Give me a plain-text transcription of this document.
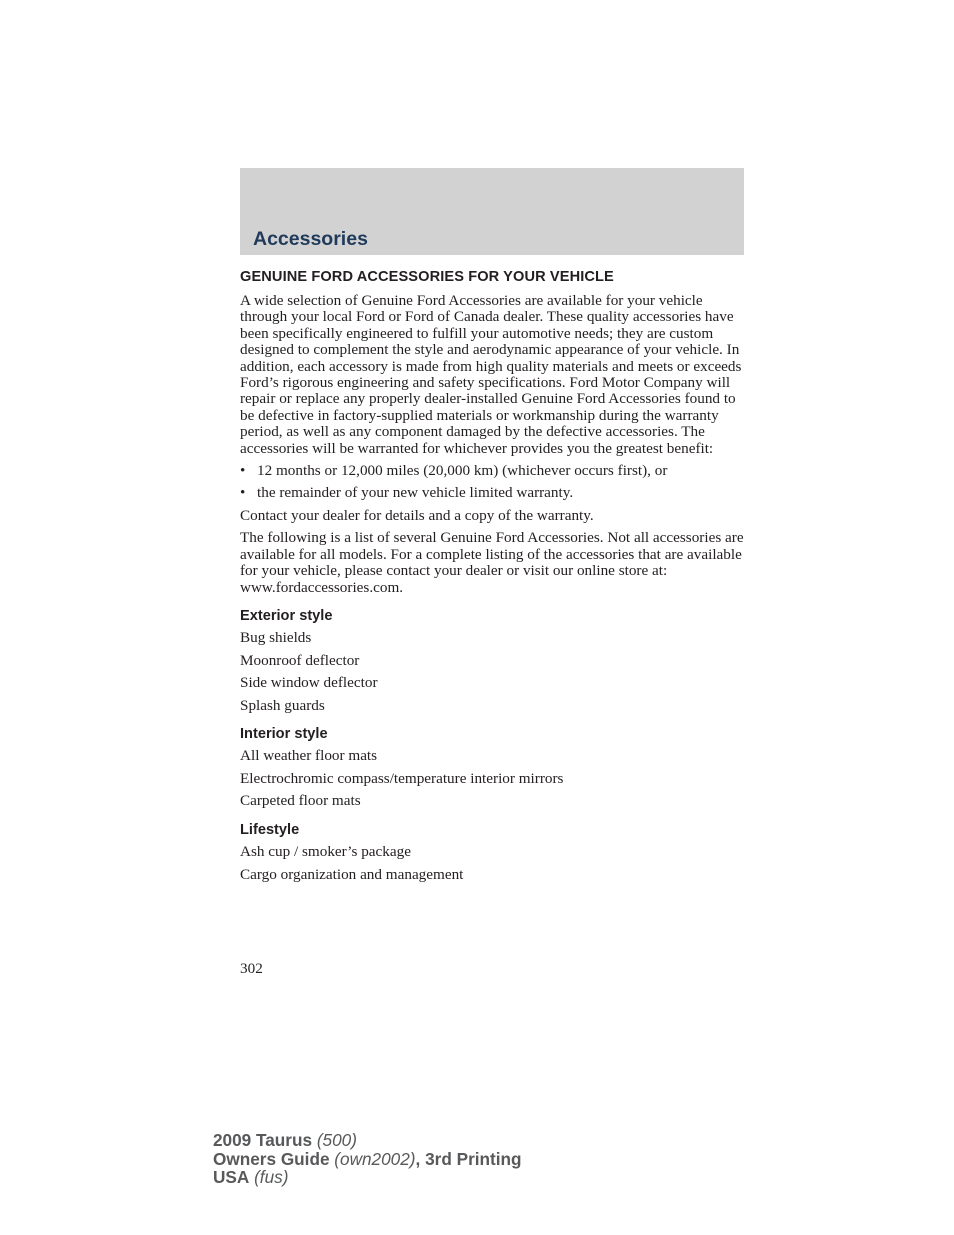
Accessories
GENUINE FORD ACCESSORIES FOR YOUR VEHICLE

A wide selection of Genuine Ford Accessories are available for your vehicle through your local Ford or Ford of Canada dealer. These quality accessories have been specifically engineered to fulfill your automotive needs; they are custom designed to complement the style and aerodynamic appearance of your vehicle. In addition, each accessory is made from high quality materials and meets or exceeds Ford’s rigorous engineering and safety specifications. Ford Motor Company will repair or replace any properly dealer-installed Genuine Ford Accessories found to be defective in factory-supplied materials or workmanship during the warranty period, as well as any component damaged by the defective accessories. The accessories will be warranted for whichever provides you the greatest benefit:

• 12 months or 12,000 miles (20,000 km) (whichever occurs first), or
• the remainder of your new vehicle limited warranty.

Contact your dealer for details and a copy of the warranty.

The following is a list of several Genuine Ford Accessories. Not all accessories are available for all models. For a complete listing of the accessories that are available for your vehicle, please contact your dealer or visit our online store at: www.fordaccessories.com.

Exterior style
Bug shields
Moonroof deflector
Side window deflector
Splash guards
Interior style
All weather floor mats
Electrochromic compass/temperature interior mirrors
Carpeted floor mats
Lifestyle
Ash cup / smoker’s package
Cargo organization and management
302
2009 Taurus (500)
Owners Guide (own2002), 3rd Printing
USA (fus)
